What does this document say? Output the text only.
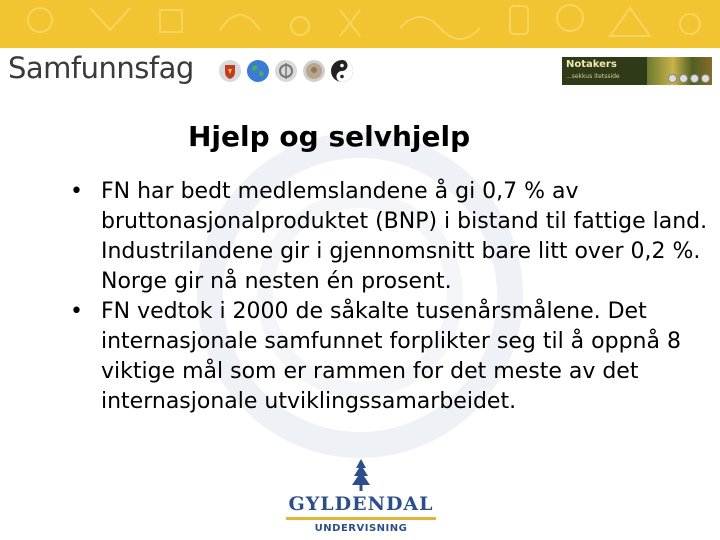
Samfunnsfag	Notakers
...sekkus itetsside
Hjelp og selvhjelp
• FN har bedt medlemslandene å gi 0,7 % av bruttonasjonalproduktet (BNP) i bistand til fattige land. Industrilandene gir i gjennomsnitt bare litt over 0,2 %. Norge gir nå nesten én prosent.
• FN vedtok i 2000 de såkalte tusenårsmålene. Det internasjonale samfunnet forplikter seg til å oppnå 8 viktige mål som er rammen for det meste av det internasjonale utviklingssamarbeidet.
GYLDENDAL
UNDERVISNING
